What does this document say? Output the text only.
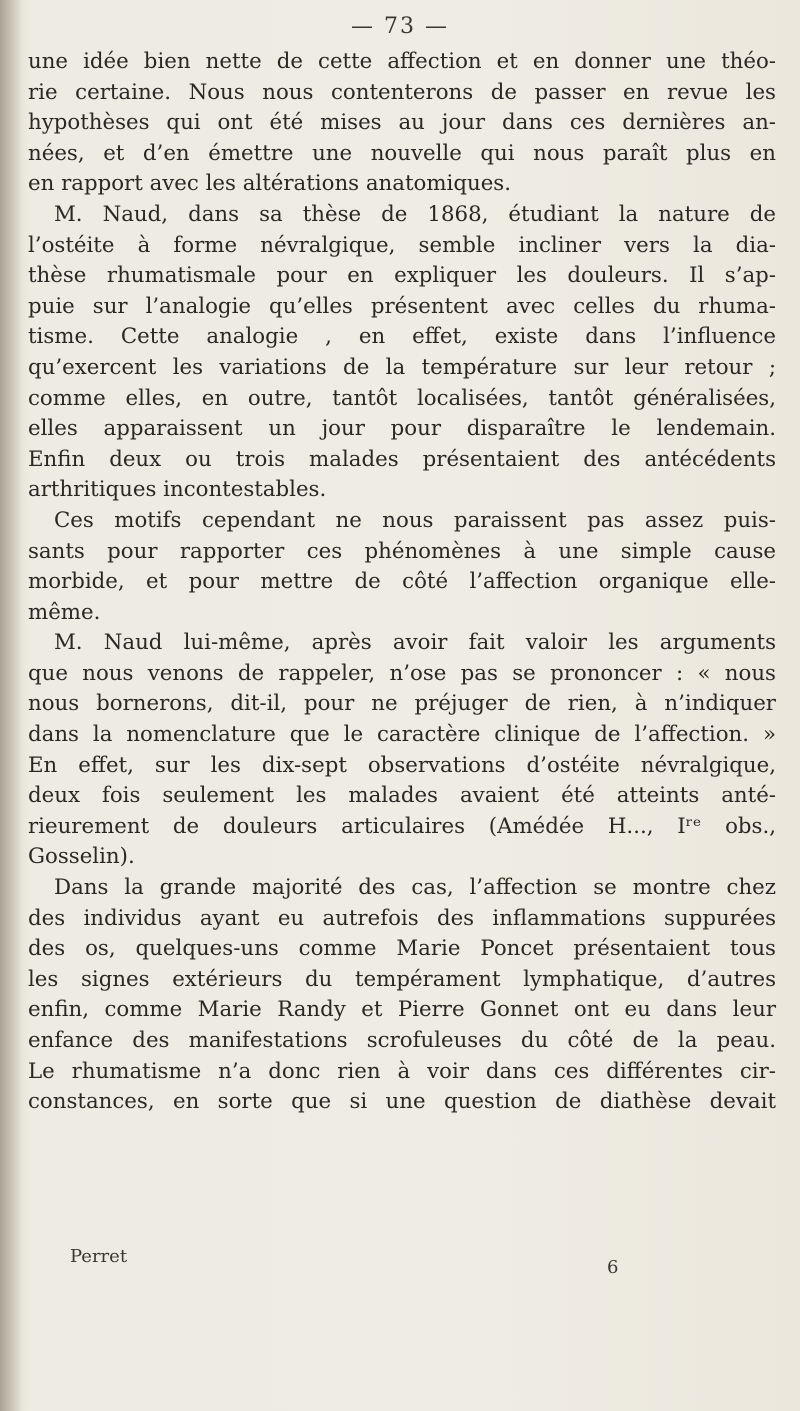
— 73 —
une idée bien nette de cette affection et en donner une théo-
rie certaine. Nous nous contenterons de passer en revue les
hypothèses qui ont été mises au jour dans ces dernières an-
nées, et d’en émettre une nouvelle qui nous paraît plus en
en rapport avec les altérations anatomiques.
M. Naud, dans sa thèse de 1868, étudiant la nature de
l’ostéite à forme névralgique, semble incliner vers la dia-
thèse rhumatismale pour en expliquer les douleurs. Il s’ap-
puie sur l’analogie qu’elles présentent avec celles du rhuma-
tisme. Cette analogie , en effet, existe dans l’influence
qu’exercent les variations de la température sur leur retour ;
comme elles, en outre, tantôt localisées, tantôt généralisées,
elles apparaissent un jour pour disparaître le lendemain.
Enfin deux ou trois malades présentaient des antécédents
arthritiques incontestables.
Ces motifs cependant ne nous paraissent pas assez puis-
sants pour rapporter ces phénomènes à une simple cause
morbide, et pour mettre de côté l’affection organique elle-
même.
M. Naud lui-même, après avoir fait valoir les arguments
que nous venons de rappeler, n’ose pas se prononcer : « nous
nous bornerons, dit-il, pour ne préjuger de rien, à n’indiquer
dans la nomenclature que le caractère clinique de l’affection. »
En effet, sur les dix-sept observations d’ostéite névralgique,
deux fois seulement les malades avaient été atteints anté-
rieurement de douleurs articulaires (Amédée H..., Iʳᵉ obs.,
Gosselin).
Dans la grande majorité des cas, l’affection se montre chez
des individus ayant eu autrefois des inflammations suppurées
des os, quelques-uns comme Marie Poncet présentaient tous
les signes extérieurs du tempérament lymphatique, d’autres
enfin, comme Marie Randy et Pierre Gonnet ont eu dans leur
enfance des manifestations scrofuleuses du côté de la peau.
Le rhumatisme n’a donc rien à voir dans ces différentes cir-
constances, en sorte que si une question de diathèse devait
Perret
6
